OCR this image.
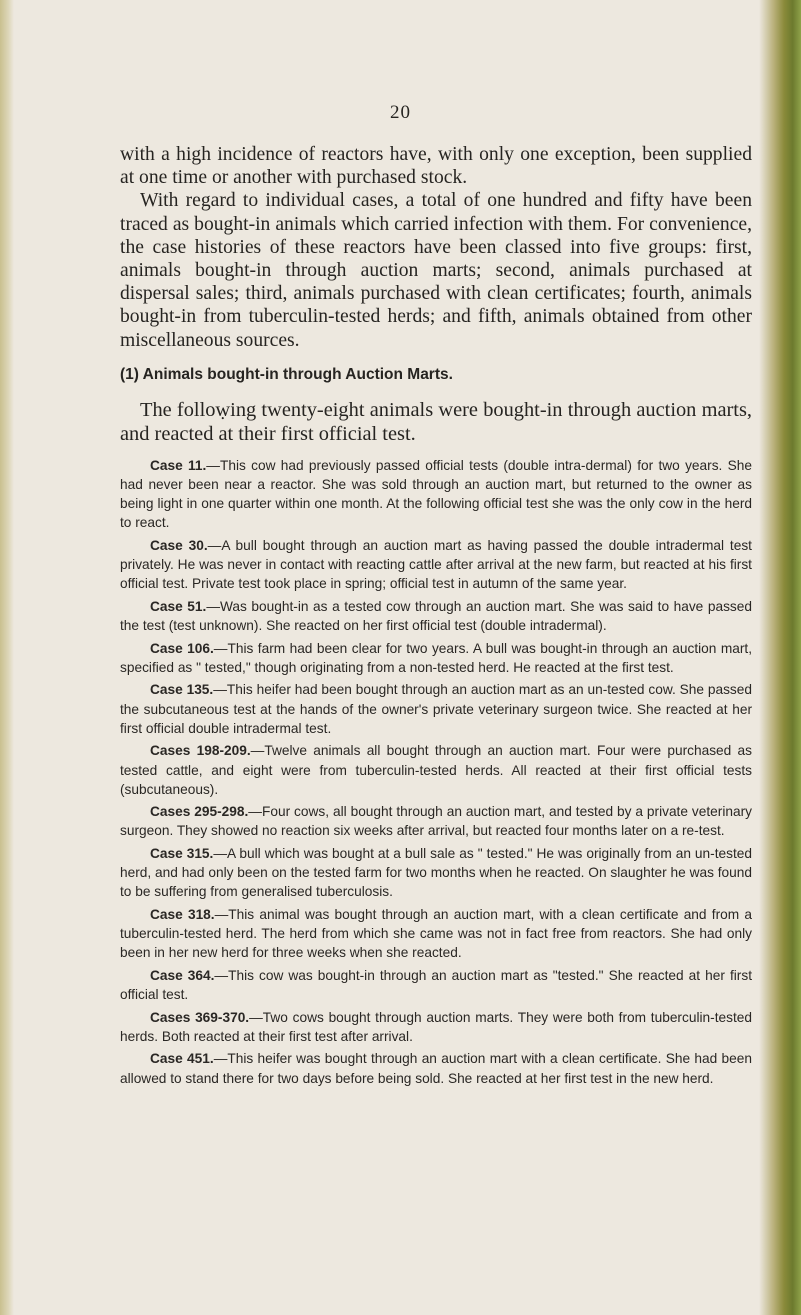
20

with a high incidence of reactors have, with only one exception, been supplied at one time or another with purchased stock.

With regard to individual cases, a total of one hundred and fifty have been traced as bought-in animals which carried infection with them. For convenience, the case histories of these reactors have been classed into five groups: first, animals bought-in through auction marts; second, animals purchased at dispersal sales; third, animals purchased with clean certificates; fourth, animals bought-in from tuberculin-tested herds; and fifth, animals obtained from other miscellaneous sources.

(1) Animals bought-in through Auction Marts.

The folloẉing twenty-eight animals were bought-in through auction marts, and reacted at their first official test.

Case 11.—This cow had previously passed official tests (double intra-dermal) for two years. She had never been near a reactor. She was sold through an auction mart, but returned to the owner as being light in one quarter within one month. At the following official test she was the only cow in the herd to react.

Case 30.—A bull bought through an auction mart as having passed the double intradermal test privately. He was never in contact with reacting cattle after arrival at the new farm, but reacted at his first official test. Private test took place in spring; official test in autumn of the same year.

Case 51.—Was bought-in as a tested cow through an auction mart. She was said to have passed the test (test unknown). She reacted on her first official test (double intradermal).

Case 106.—This farm had been clear for two years. A bull was bought-in through an auction mart, specified as " tested," though originating from a non-tested herd. He reacted at the first test.

Case 135.—This heifer had been bought through an auction mart as an un-tested cow. She passed the subcutaneous test at the hands of the owner's private veterinary surgeon twice. She reacted at her first official double intradermal test.

Cases 198-209.—Twelve animals all bought through an auction mart. Four were purchased as tested cattle, and eight were from tuberculin-tested herds. All reacted at their first official tests (subcutaneous).

Cases 295-298.—Four cows, all bought through an auction mart, and tested by a private veterinary surgeon. They showed no reaction six weeks after arrival, but reacted four months later on a re-test.

Case 315.—A bull which was bought at a bull sale as " tested." He was originally from an un-tested herd, and had only been on the tested farm for two months when he reacted. On slaughter he was found to be suffering from generalised tuberculosis.

Case 318.—This animal was bought through an auction mart, with a clean certificate and from a tuberculin-tested herd. The herd from which she came was not in fact free from reactors. She had only been in her new herd for three weeks when she reacted.

Case 364.—This cow was bought-in through an auction mart as "tested." She reacted at her first official test.

Cases 369-370.—Two cows bought through auction marts. They were both from tuberculin-tested herds. Both reacted at their first test after arrival.

Case 451.—This heifer was bought through an auction mart with a clean certificate. She had been allowed to stand there for two days before being sold. She reacted at her first test in the new herd.
